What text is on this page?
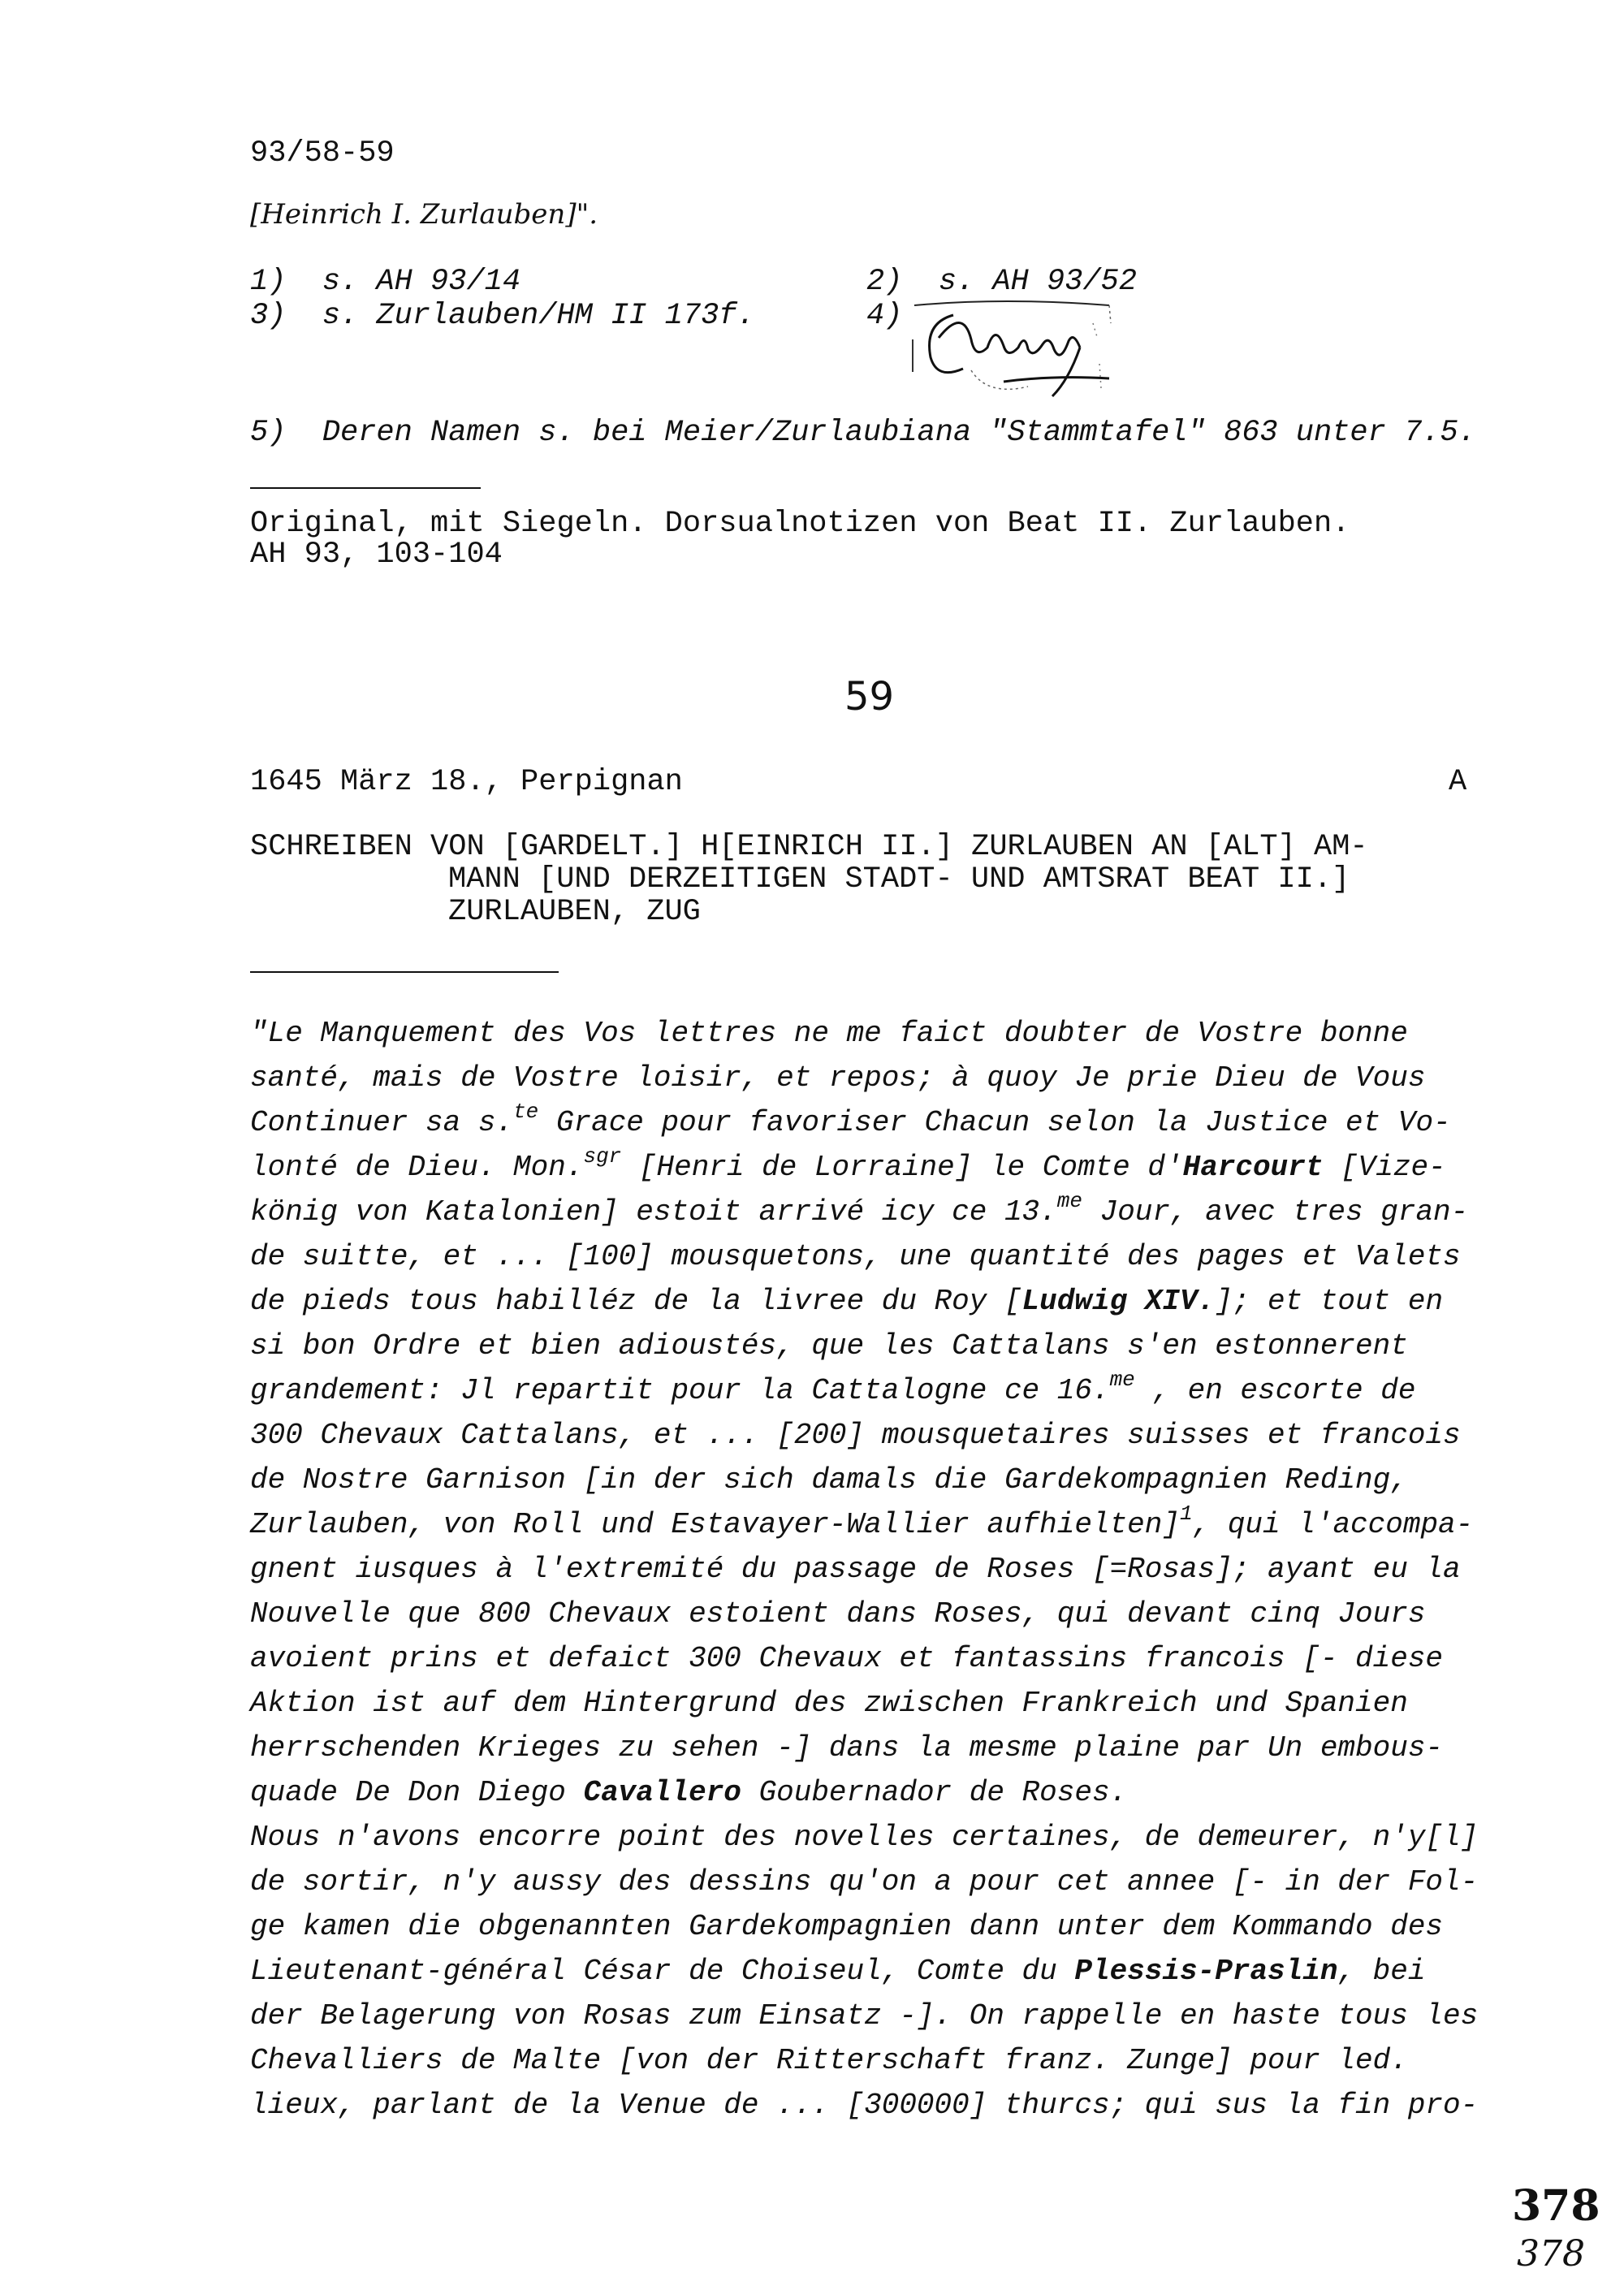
93/58-59
[Heinrich I. Zurlauben]".
1)  s. AH 93/14	2)  s. AH 93/52
3)  s. Zurlauben/HM II 173f.	4)
5)  Deren Namen s. bei Meier/Zurlaubiana "Stammtafel" 863 unter 7.5.
Original, mit Siegeln. Dorsualnotizen von Beat II. Zurlauben.
AH 93, 103-104
59
1645 März 18., Perpignan	A
SCHREIBEN VON [GARDELT.] H[EINRICH II.] ZURLAUBEN AN [ALT] AM-
MANN [UND DERZEITIGEN STADT- UND AMTSRAT BEAT II.]
ZURLAUBEN, ZUG
"Le Manquement des Vos lettres ne me faict doubter de Vostre bonne
santé, mais de Vostre loisir, et repos; à quoy Je prie Dieu de Vous
Continuer sa s.$^{te}$ Grace pour favoriser Chacun selon la Justice et Vo-
lonté de Dieu. Mon.$^{sgr}$ [Henri de Lorraine] le Comte d'Harcourt [Vize-
könig von Katalonien] estoit arrivé icy ce 13.$^{me}$ Jour, avec tres gran-
de suitte, et ... [100] mousquetons, une quantité des pages et Valets
de pieds tous habilléz de la livree du Roy [Ludwig XIV.]; et tout en
si bon Ordre et bien adioustés, que les Cattalans s'en estonnerent
grandement: Jl repartit pour la Cattalogne ce 16.$^{me}$ , en escorte de
300 Chevaux Cattalans, et ... [200] mousquetaires suisses et francois
de Nostre Garnison [in der sich damals die Gardekompagnien Reding,
Zurlauben, von Roll und Estavayer-Wallier aufhielten]$^1$, qui l'accompa-
gnent iusques à l'extremité du passage de Roses [=Rosas]; ayant eu la
Nouvelle que 800 Chevaux estoient dans Roses, qui devant cinq Jours
avoient prins et defaict 300 Chevaux et fantassins francois [- diese
Aktion ist auf dem Hintergrund des zwischen Frankreich und Spanien
herrschenden Krieges zu sehen -] dans la mesme plaine par Un embous-
quade De Don Diego Cavallero Goubernador de Roses.
Nous n'avons encorre point des novelles certaines, de demeurer, n'y[l]
de sortir, n'y aussy des dessins qu'on a pour cet annee [- in der Fol-
ge kamen die obgenannten Gardekompagnien dann unter dem Kommando des
Lieutenant-général César de Choiseul, Comte du Plessis-Praslin, bei
der Belagerung von Rosas zum Einsatz -]. On rappelle en haste tous les
Chevalliers de Malte [von der Ritterschaft franz. Zunge] pour led.
lieux, parlant de la Venue de ... [300000] thurcs; qui sus la fin pro-
378
378
